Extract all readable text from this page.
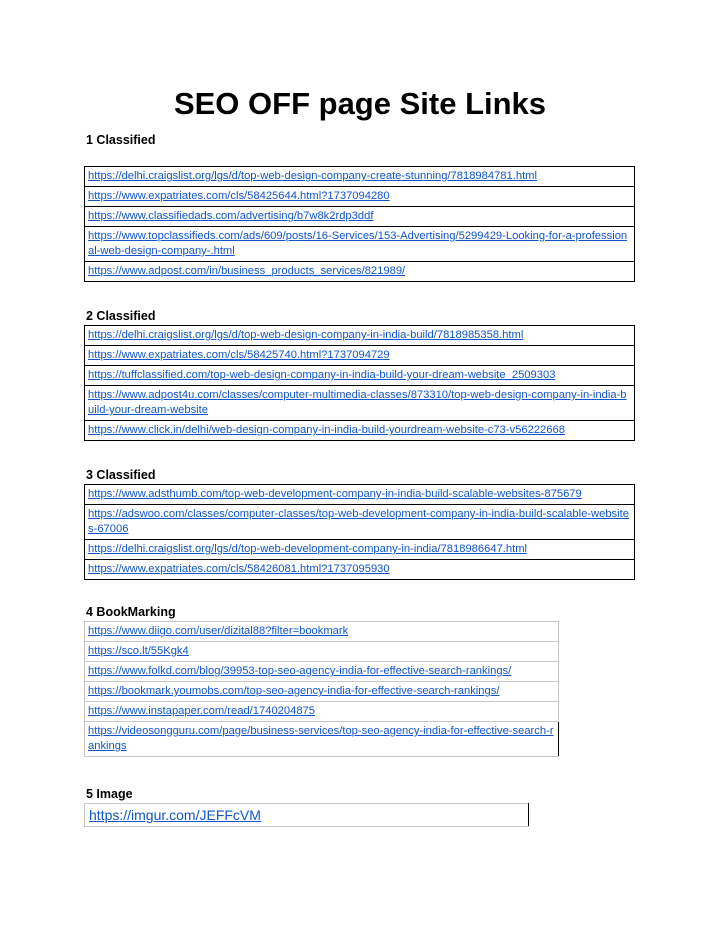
SEO OFF page Site Links
1 Classified
https://delhi.craigslist.org/lgs/d/top-web-design-company-create-stunning/7818984781.html
https://www.expatriates.com/cls/58425644.html?1737094280
https://www.classifiedads.com/advertising/b7w8k2rdp3ddf
https://www.topclassifieds.com/ads/609/posts/16-Services/153-Advertising/5299429-Looking-for-a-professional-web-design-company-.html
https://www.adpost.com/in/business_products_services/821989/
2 Classified
https://delhi.craigslist.org/lgs/d/top-web-design-company-in-india-build/7818985358.html
https://www.expatriates.com/cls/58425740.html?1737094729
https://tuffclassified.com/top-web-design-company-in-india-build-your-dream-website_2509303
https://www.adpost4u.com/classes/computer-multimedia-classes/873310/top-web-design-company-in-india-build-your-dream-website
https://www.click.in/delhi/web-design-company-in-india-build-yourdream-website-c73-v56222668
3 Classified
https://www.adsthumb.com/top-web-development-company-in-india-build-scalable-websites-875679
https://adswoo.com/classes/computer-classes/top-web-development-company-in-india-build-scalable-websites-67006
https://delhi.craigslist.org/lgs/d/top-web-development-company-in-india/7818986647.html
https://www.expatriates.com/cls/58426081.html?1737095930
4 BookMarking
https://www.diigo.com/user/dizital88?filter=bookmark
https://sco.lt/55Kgk4
https://www.folkd.com/blog/39953-top-seo-agency-india-for-effective-search-rankings/
https://bookmark.youmobs.com/top-seo-agency-india-for-effective-search-rankings/
https://www.instapaper.com/read/1740204875
https://videosongguru.com/page/business-services/top-seo-agency-india-for-effective-search-rankings
5 Image
https://imgur.com/JEFFcVM
